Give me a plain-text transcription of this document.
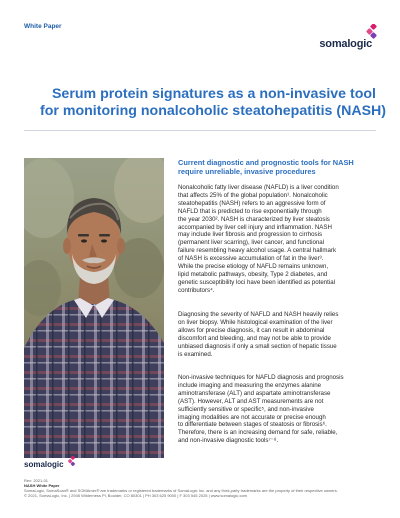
White Paper
somalogic
Serum protein signatures as a non-invasive tool
for monitoring nonalcoholic steatohepatitis (NASH)
Current diagnostic and prognostic tools for NASH
require unreliable, invasive procedures
Nonalcoholic fatty liver disease (NAFLD) is a liver condition
that affects 25% of the global population¹. Nonalcoholic
steatohepatitis (NASH) refers to an aggressive form of
NAFLD that is predicted to rise exponentially through
the year 2030². NASH is characterized by liver steatosis
accompanied by liver cell injury and inflammation. NASH
may include liver fibrosis and progression to cirrhosis
(permanent liver scarring), liver cancer, and functional
failure resembling heavy alcohol usage. A central hallmark
of NASH is excessive accumulation of fat in the liver³.
While the precise etiology of NAFLD remains unknown,
lipid metabolic pathways, obesity, Type 2 diabetes, and
genetic susceptibility loci have been identified as potential
contributors⁴.
Diagnosing the severity of NAFLD and NASH heavily relies
on liver biopsy. While histological examination of the liver
allows for precise diagnosis, it can result in abdominal
discomfort and bleeding, and may not be able to provide
unbiased diagnosis if only a small section of hepatic tissue
is examined.
Non-invasive techniques for NAFLD diagnosis and prognosis
include imaging and measuring the enzymes alanine
aminotransferase (ALT) and aspartate aminotransferase
(AST). However, ALT and AST measurements are not
sufficiently sensitive or specific⁵, and non-invasive
imaging modalities are not accurate or precise enough
to differentiate between stages of steatosis or fibrosis⁶.
Therefore, there is an increasing demand for safe, reliable,
and non-invasive diagnostic tools⁷⁻⁸.
somalogic
Rev: 2021-01
NASH White Paper
SomaLogic, SomaScan® and SOMAmer® are trademarks or registered trademarks of SomaLogic Inc. and any third-party trademarks are the property of their respective owners.
© 2021, SomaLogic, Inc. | 2945 Wilderness Pl, Boulder, CO 80301 | PH 303 625 9000 | F 303 545 2025 | www.somalogic.com
